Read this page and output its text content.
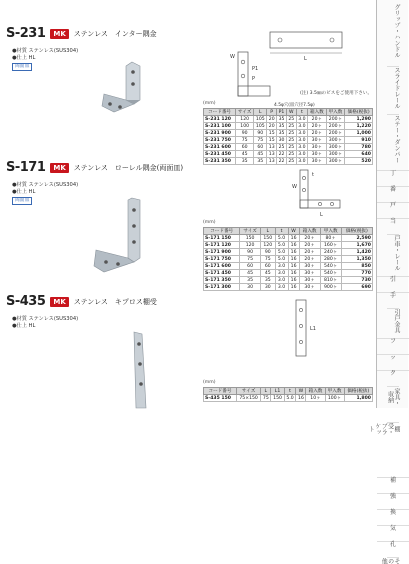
S-231	MK	ステンレス　インター隅金
●材質 ステンレス(SUS304)
●仕上 HL
両面皿
L
P1
P
W
4.5φ穴(皿穴径7.5φ)
(注) 3.5㎜のビスをご使用下さい。
(mm)
コード番号	サイズ	L	P	P1	W	t	箱入数	甲入数	価格(税抜)
S-231 120	120	105	20	35	25	3.0	20ヶ	200ヶ	1,290
S-231 100	100	105	20	35	25	3.0	20ヶ	200ヶ	1,220
S-231 900	90	90	15	35	25	3.0	20ヶ	200ヶ	1,000
S-231 750	75	75	15	30	25	3.0	30ヶ	300ヶ	910
S-231 600	60	60	13	25	25	3.0	30ヶ	300ヶ	780
S-231 450	45	45	13	22	25	3.0	30ヶ	300ヶ	640
S-231 350	35	35	13	22	25	3.0	30ヶ	300ヶ	520
S-171	MK	ステンレス　ローレル隅金(両面皿)
●材質 ステンレス(SUS304)
●仕上 HL
両面皿
L
W
t
(mm)
コード番号	サイズ	L	t	W	箱入数	甲入数	価格(税抜)
S-171 150	150	150	5.0	16	20ヶ	80ヶ	2,590
S-171 120	120	120	5.0	16	20ヶ	160ヶ	1,670
S-171 900	90	90	5.0	16	20ヶ	240ヶ	1,420
S-171 750	75	75	5.0	16	20ヶ	280ヶ	1,350
S-171 600	60	60	3.0	16	30ヶ	540ヶ	850
S-171 450	45	45	3.0	16	30ヶ	540ヶ	770
S-171 350	35	35	3.0	16	30ヶ	810ヶ	730
S-171 300	30	30	3.0	16	30ヶ	900ヶ	690
S-435	MK	ステンレス　キプロス棚受
●材質 ステンレス(SUS304)
●仕上 HL	L1
(mm)
コード番号	サイズ	L	L1	t	W	箱入数	甲入数	価格(税抜)
S-435 150	75×150	75	150	5.0	16	10ヶ	100ヶ	1,800
グリップ・ハンドル
スライドレール
ステー・ダンパー
丁
番
戸
当
戸車・レール
引
手
引戸金具
フ
ッ
ク
家具・収納
棚受・ブラケット
補
強
換
気
孔
その他
